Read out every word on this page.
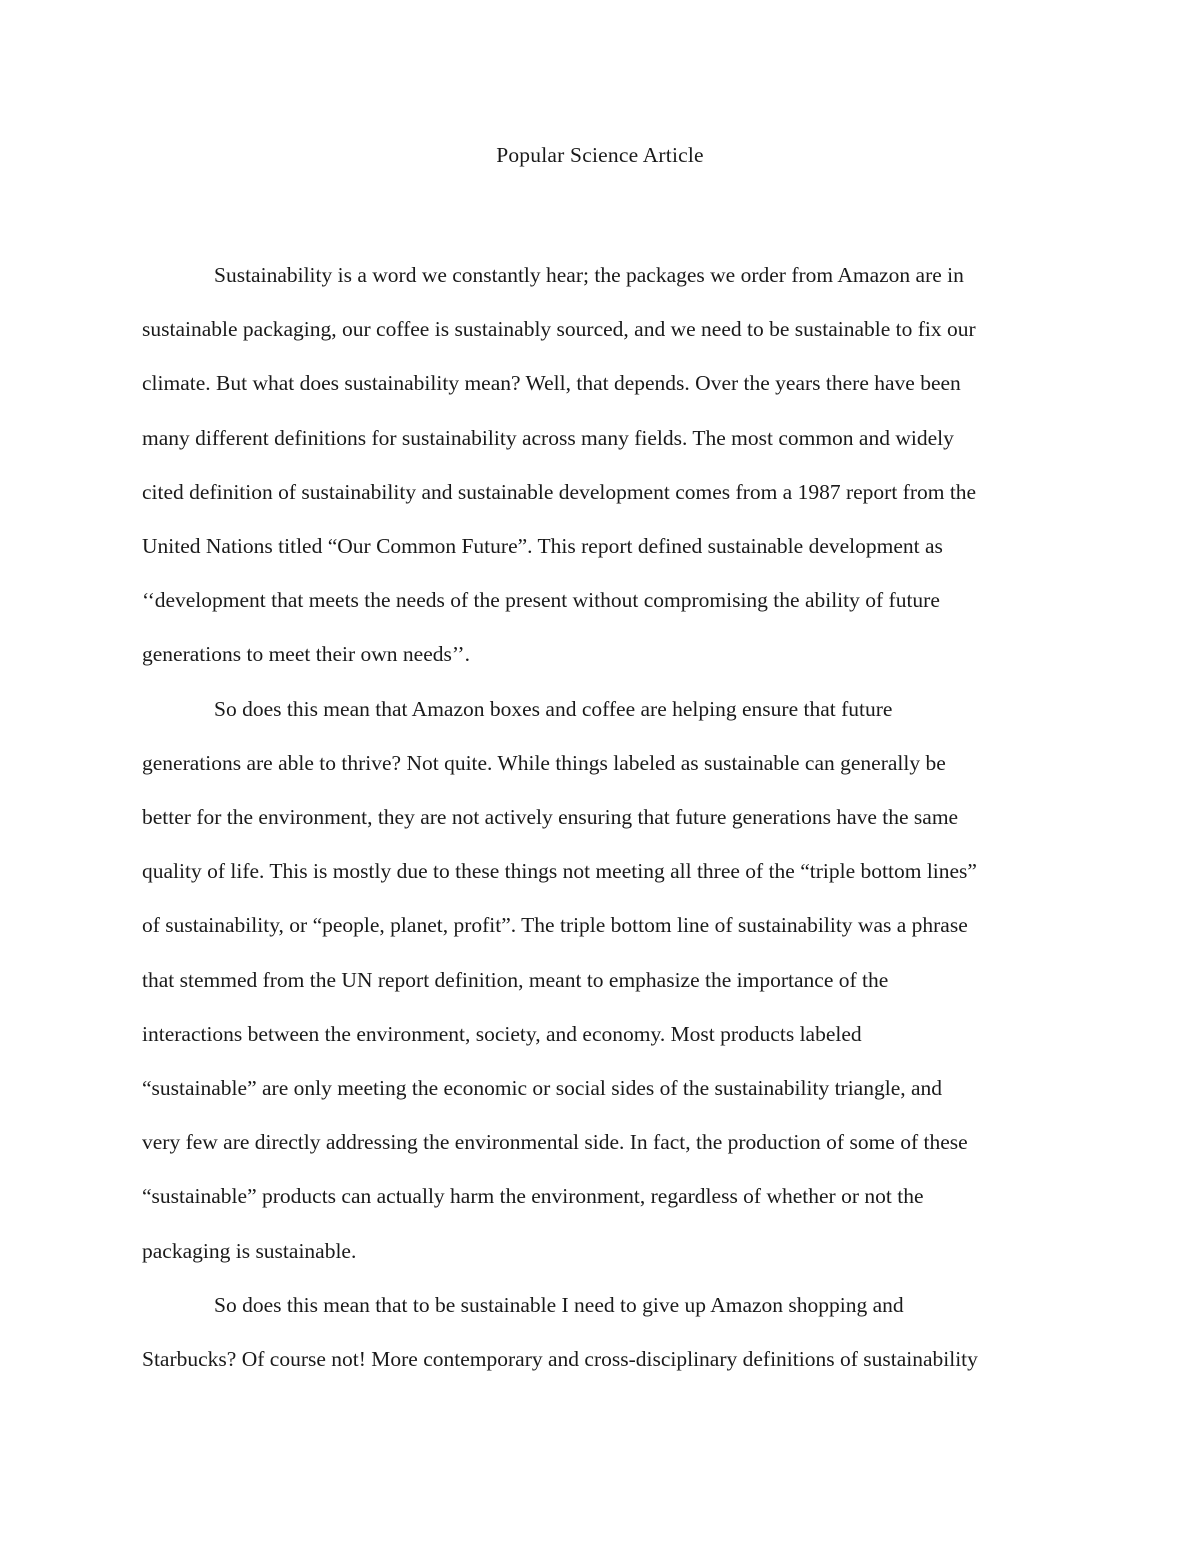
Popular Science Article
Sustainability is a word we constantly hear; the packages we order from Amazon are in
sustainable packaging, our coffee is sustainably sourced, and we need to be sustainable to fix our
climate. But what does sustainability mean? Well, that depends. Over the years there have been
many different definitions for sustainability across many fields. The most common and widely
cited definition of sustainability and sustainable development comes from a 1987 report from the
United Nations titled “Our Common Future”. This report defined sustainable development as
‘‘development that meets the needs of the present without compromising the ability of future
generations to meet their own needs’’.
So does this mean that Amazon boxes and coffee are helping ensure that future
generations are able to thrive? Not quite. While things labeled as sustainable can generally be
better for the environment, they are not actively ensuring that future generations have the same
quality of life. This is mostly due to these things not meeting all three of the “triple bottom lines”
of sustainability, or “people, planet, profit”. The triple bottom line of sustainability was a phrase
that stemmed from the UN report definition, meant to emphasize the importance of the
interactions between the environment, society, and economy. Most products labeled
“sustainable” are only meeting the economic or social sides of the sustainability triangle, and
very few are directly addressing the environmental side. In fact, the production of some of these
“sustainable” products can actually harm the environment, regardless of whether or not the
packaging is sustainable.
So does this mean that to be sustainable I need to give up Amazon shopping and
Starbucks? Of course not! More contemporary and cross-disciplinary definitions of sustainability
